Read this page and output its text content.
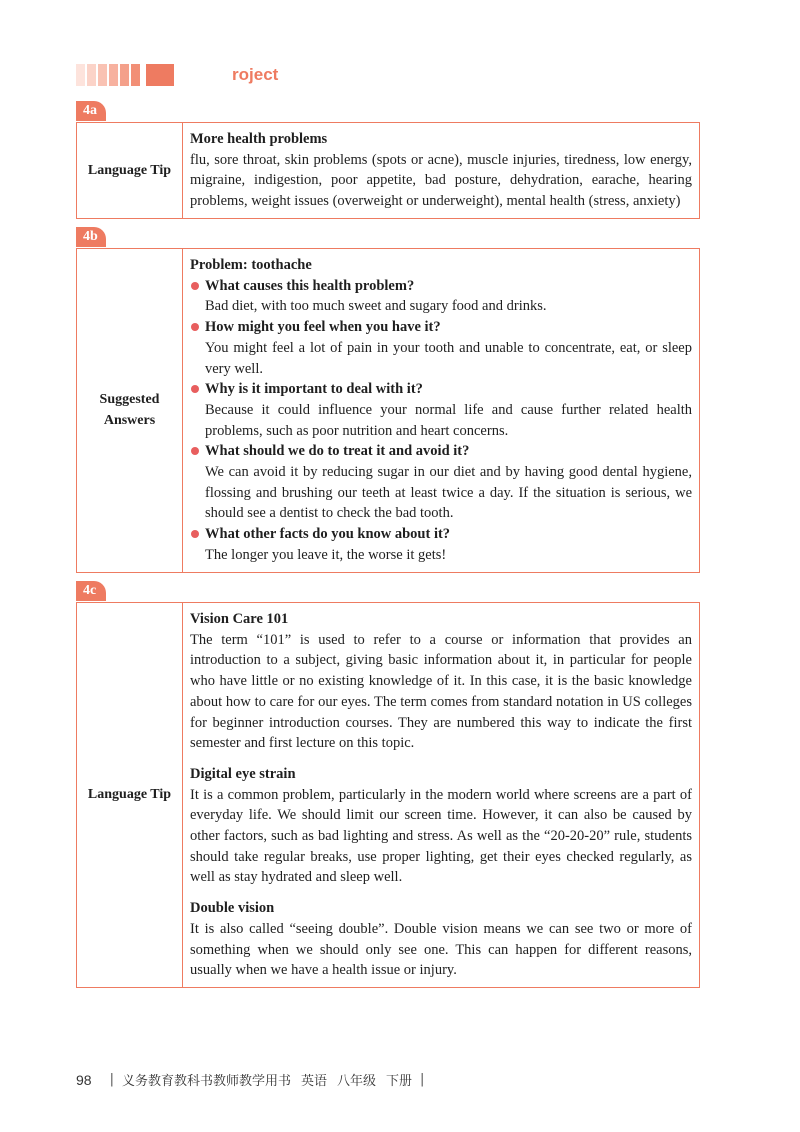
*Project
4a
Language Tip

More health problems

flu, sore throat, skin problems (spots or acne), muscle injuries, tiredness, low energy, migraine, indigestion, poor appetite, bad posture, dehydration, earache, hearing problems, weight issues (overweight or underweight), mental health (stress, anxiety)

4b
Suggested
Answers

Problem: toothache

What causes this health problem?

Bad diet, with too much sweet and sugary food and drinks.

How might you feel when you have it?

You might feel a lot of pain in your tooth and unable to concentrate, eat, or sleep very well.

Why is it important to deal with it?

Because it could influence your normal life and cause further related health problems, such as poor nutrition and heart concerns.

What should we do to treat it and avoid it?

We can avoid it by reducing sugar in our diet and by having good dental hygiene, flossing and brushing our teeth at least twice a day. If the situation is serious, we should see a dentist to check the bad tooth.

What other facts do you know about it?

The longer you leave it, the worse it gets!

4c
Language Tip

Vision Care 101

The term “101” is used to refer to a course or information that provides an introduction to a subject, giving basic information about it, in particular for people who have little or no existing knowledge of it. In this case, it is the basic knowledge about how to care for our eyes. The term comes from standard notation in US colleges for beginner introduction courses. They are numbered this way to indicate the first semester and first lecture on this topic.

Digital eye strain

It is a common problem, particularly in the modern world where screens are a part of everyday life. We should limit our screen time. However, it can also be caused by other factors, such as bad lighting and stress. As well as the “20-20-20” rule, students should take regular breaks, use proper lighting, get their eyes checked regularly, as well as stay hydrated and sleep well.

Double vision

It is also called “seeing double”. Double vision means we can see two or more of something when we should only see one. This can happen for different reasons, usually when we have a health issue or injury.

98 | 义务教育教科书教师教学用书 英语 八年级 下册 |
